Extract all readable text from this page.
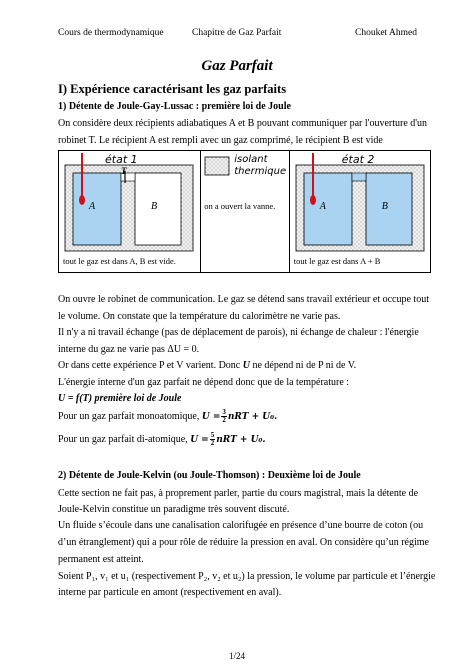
Cours de thermodynamique	Chapitre de Gaz Parfait	Chouket Ahmed
Gaz Parfait
I) Expérience caractérisant les gaz parfaits
1) Détente de Joule-Gay-Lussac : première loi de Joule
On considère deux récipients adiabatiques A et B pouvant communiquer par l'ouverture d'un
robinet T. Le récipient A est rempli avec un gaz comprimé, le récipient B est vide
état 1
T
A	B
tout le gaz est dans A, B est vide.

isolant
thermique
on a ouvert la vanne.

état 2
A	B
tout le gaz est dans A + B
On ouvre le robinet de communication. Le gaz se détend sans travail extérieur et occupe tout
le volume. On constate que la température du calorimètre ne varie pas.
Il n'y a ni travail échange (pas de déplacement de parois), ni échange de chaleur : l'énergie
interne du gaz ne varie pas ΔU = 0.
Or dans cette expérience P et V varient. Donc U ne dépend ni de P ni de V.
L'énergie interne d'un gaz parfait ne dépend donc que de la température :
U = f(T) première loi de Joule
Pour un gaz parfait monoatomique, $U = \frac{3}{2}$ nRT + U₀.
Pour un gaz parfait di-atomique, $U = \frac{5}{2}$ nRT + U₀.
2) Détente de Joule-Kelvin (ou Joule-Thomson) : Deuxième loi de Joule
Cette section ne fait pas, à proprement parler, partie du cours magistral, mais la détente de
Joule-Kelvin constitue un paradigme très souvent discuté.
Un fluide s’écoule dans une canalisation calorifugée en présence d’une bourre de coton (ou
d’un étranglement) qui a pour rôle de réduire la pression en aval. On considère qu’un régime
permanent est atteint.
Soient P₁, v₁ et u₁ (respectivement P₂, v₂ et u₂) la pression, le volume par particule et l’énergie
interne par particule en amont (respectivement en aval).
1/24
